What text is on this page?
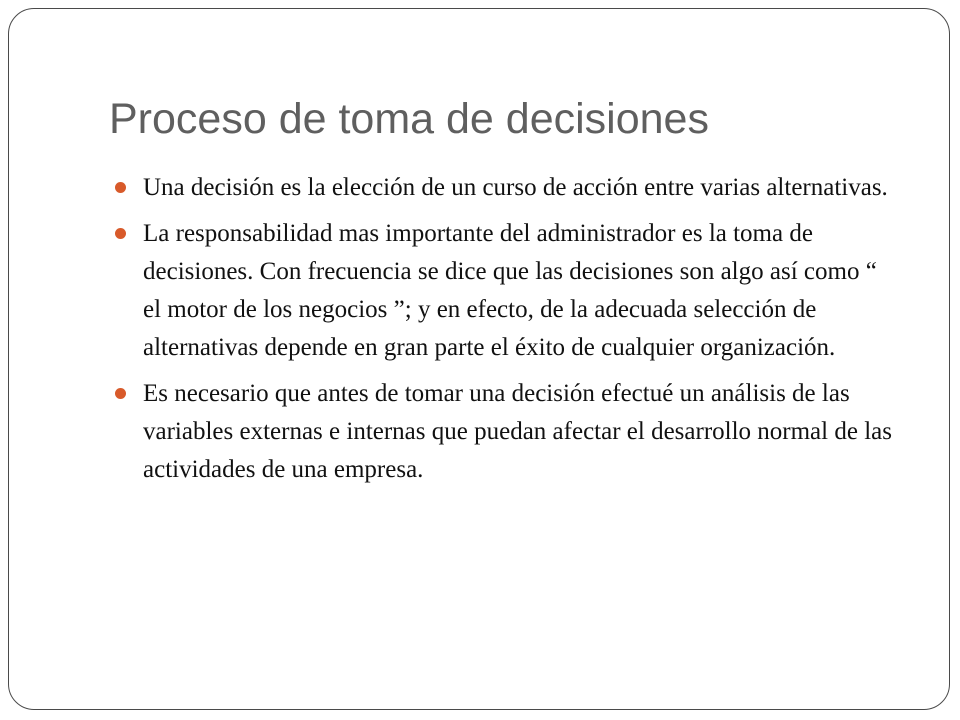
Proceso de toma de decisiones
Una decisión es la elección de un curso de acción entre varias alternativas.
La responsabilidad mas importante del administrador es la toma de decisiones. Con frecuencia se dice que las decisiones son algo así como “ el motor de los negocios ”; y en efecto, de la adecuada selección de alternativas depende en gran parte el éxito de cualquier organización.
Es necesario que antes de tomar una decisión efectué un análisis de las variables externas e internas que puedan afectar el desarrollo normal de las actividades de una empresa.
